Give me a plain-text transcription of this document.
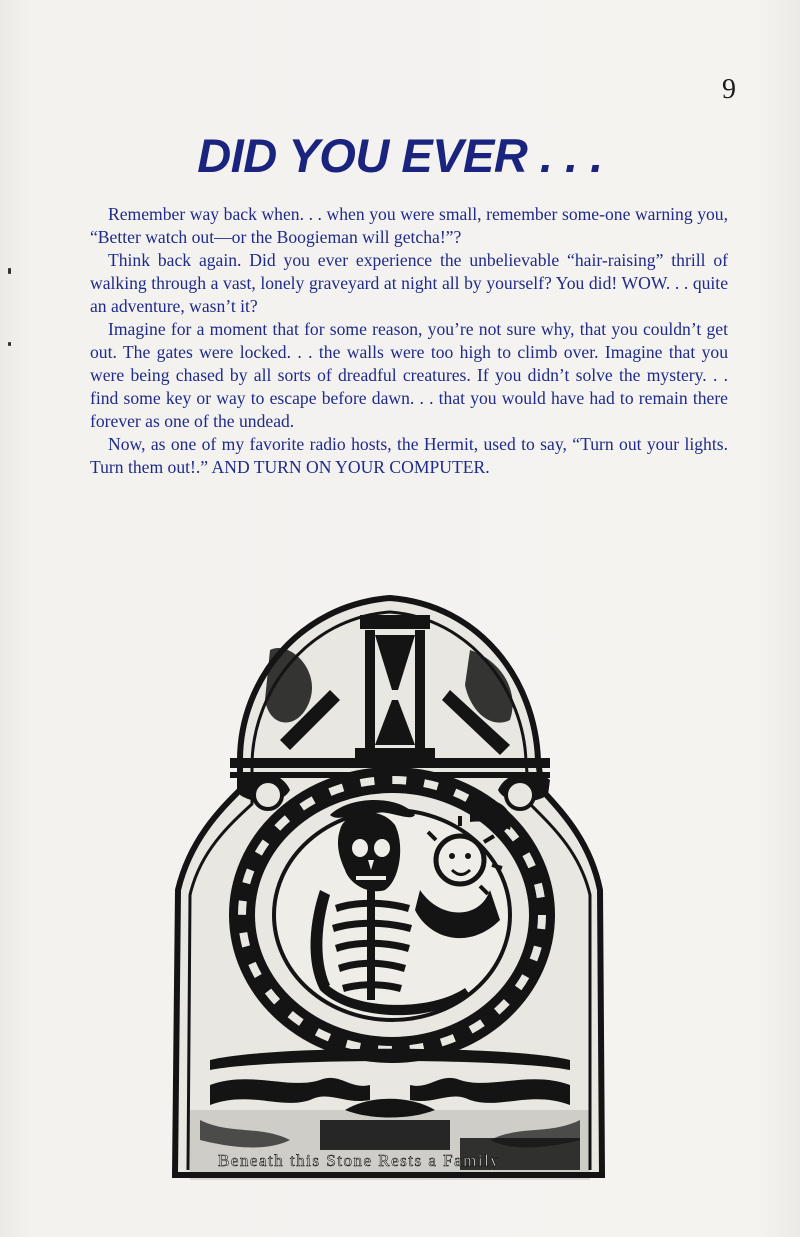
9
DID YOU EVER . . .

Remember way back when. . . when you were small, remember some-one warning you, “Better watch out—or the Boogieman will getcha!”?

Think back again. Did you ever experience the unbelievable “hair-raising” thrill of walking through a vast, lonely graveyard at night all by yourself? You did! WOW. . . quite an adventure, wasn’t it?

Imagine for a moment that for some reason, you’re not sure why, that you couldn’t get out. The gates were locked. . . the walls were too high to climb over. Imagine that you were being chased by all sorts of dreadful creatures. If you didn’t solve the mystery. . . find some key or way to escape before dawn. . . that you would have had to remain there forever as one of the undead.

Now, as one of my favorite radio hosts, the Hermit, used to say, “Turn out your lights. Turn them out!.” AND TURN ON YOUR COMPUTER.

Beneath this Stone Rests a Family
